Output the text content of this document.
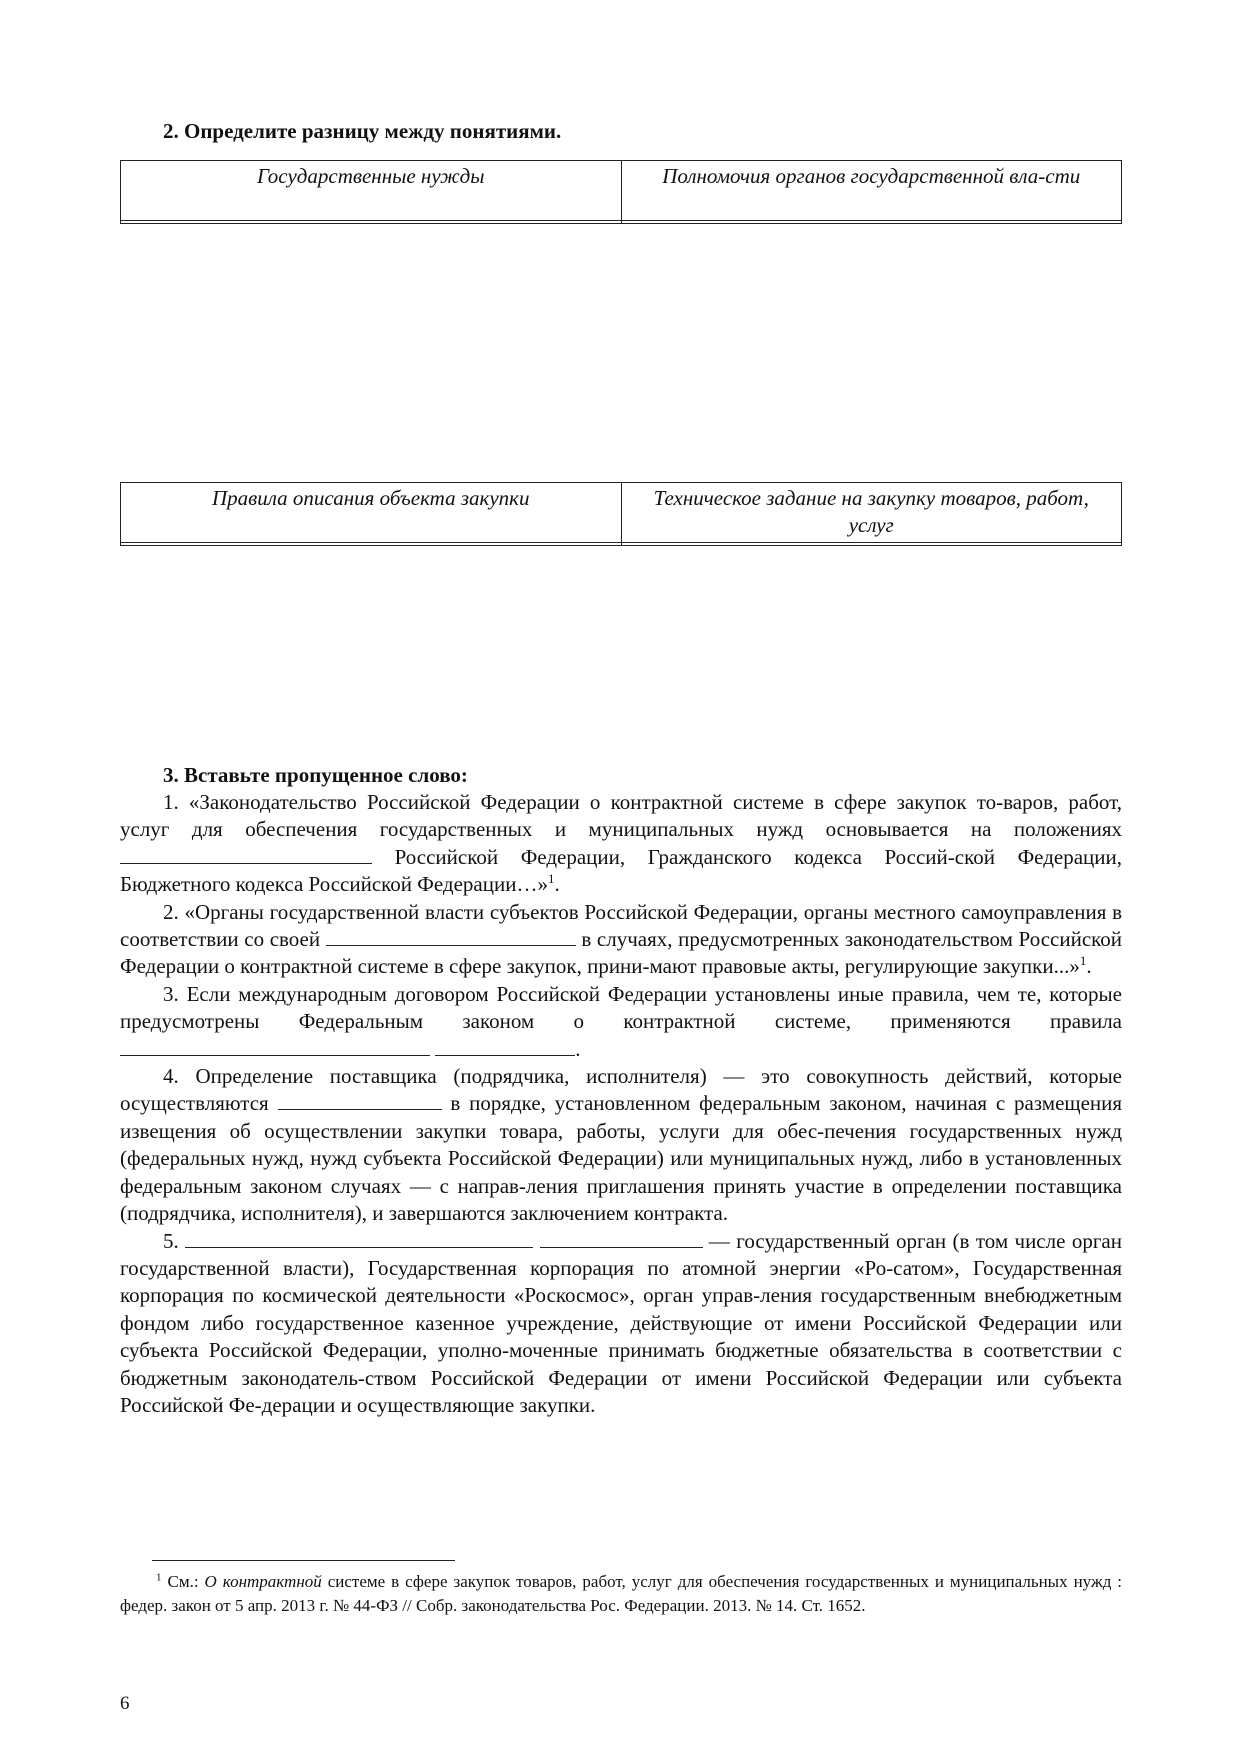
2. Определите разницу между понятиями.
Государственные нужды	Полномочия органов государственной вла-сти

Правила описания объекта закупки	Техническое задание на закупку товаров, работ, услуг

3. Вставьте пропущенное слово:

1. «Законодательство Российской Федерации о контрактной системе в сфере закупок то-варов, работ, услуг для обеспечения государственных и муниципальных нужд основывается на положениях  Российской Федерации, Гражданского кодекса Россий-ской Федерации, Бюджетного кодекса Российской Федерации…»$^1$.

2. «Органы государственной власти субъектов Российской Федерации, органы местного самоуправления в соответствии со своей	в случаях, предусмотренных законодательством Российской Федерации о контрактной системе в сфере закупок, прини-мают правовые акты, регулирующие закупки...»$^1$.

3. Если международным договором Российской Федерации установлены иные правила, чем те, которые предусмотрены Федеральным законом о контрактной системе, применяются правила  .

4. Определение поставщика (подрядчика, исполнителя) — это совокупность действий, которые осуществляются	в порядке, установленном федеральным законом, начиная с размещения извещения об осуществлении закупки товара, работы, услуги для обес-печения государственных нужд (федеральных нужд, нужд субъекта Российской Федерации) или муниципальных нужд, либо в установленных федеральным законом случаях — с направ-ления приглашения принять участие в определении поставщика (подрядчика, исполнителя), и завершаются заключением контракта.

5.	— государственный орган (в том числе орган государственной власти), Государственная корпорация по атомной энергии «Ро-сатом», Государственная корпорация по космической деятельности «Роскосмос», орган управ-ления государственным внебюджетным фондом либо государственное казенное учреждение, действующие от имени Российской Федерации или субъекта Российской Федерации, уполно-моченные принимать бюджетные обязательства в соответствии с бюджетным законодатель-ством Российской Федерации от имени Российской Федерации или субъекта Российской Фе-дерации и осуществляющие закупки.

$^1$ См.: О контрактной системе в сфере закупок товаров, работ, услуг для обеспечения государственных и муниципальных нужд : федер. закон от 5 апр. 2013 г. № 44-ФЗ // Собр. законодательства Рос. Федерации. 2013. № 14. Ст. 1652.

6
